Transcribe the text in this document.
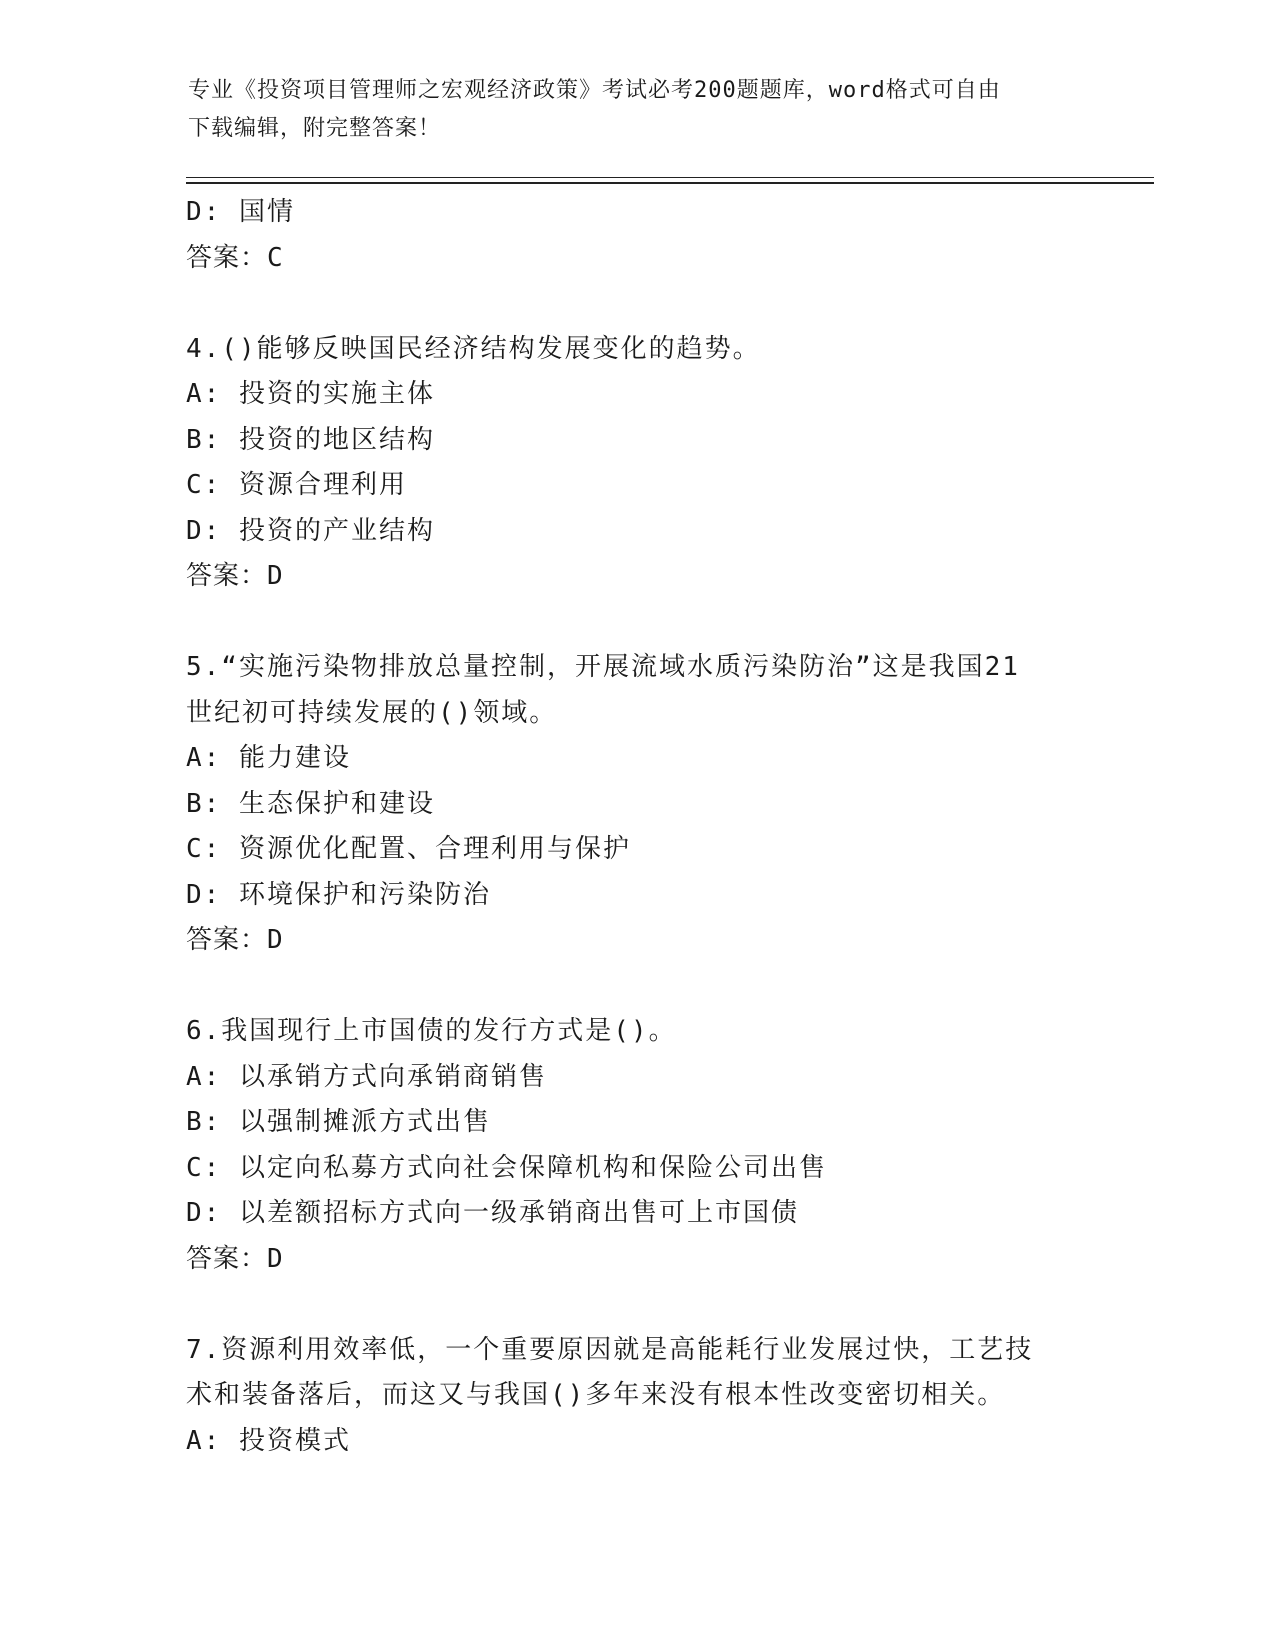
专业《投资项目管理师之宏观经济政策》考试必考200题题库，word格式可自由
下载编辑，附完整答案！
D: 国情
答案：C
4.()能够反映国民经济结构发展变化的趋势。
A: 投资的实施主体
B: 投资的地区结构
C: 资源合理利用
D: 投资的产业结构
答案：D
5.“实施污染物排放总量控制，开展流域水质污染防治”这是我国21
世纪初可持续发展的()领域。
A: 能力建设
B: 生态保护和建设
C: 资源优化配置、合理利用与保护
D: 环境保护和污染防治
答案：D
6.我国现行上市国债的发行方式是()。
A: 以承销方式向承销商销售
B: 以强制摊派方式出售
C: 以定向私募方式向社会保障机构和保险公司出售
D: 以差额招标方式向一级承销商出售可上市国债
答案：D
7.资源利用效率低，一个重要原因就是高能耗行业发展过快，工艺技
术和装备落后，而这又与我国()多年来没有根本性改变密切相关。
A: 投资模式
